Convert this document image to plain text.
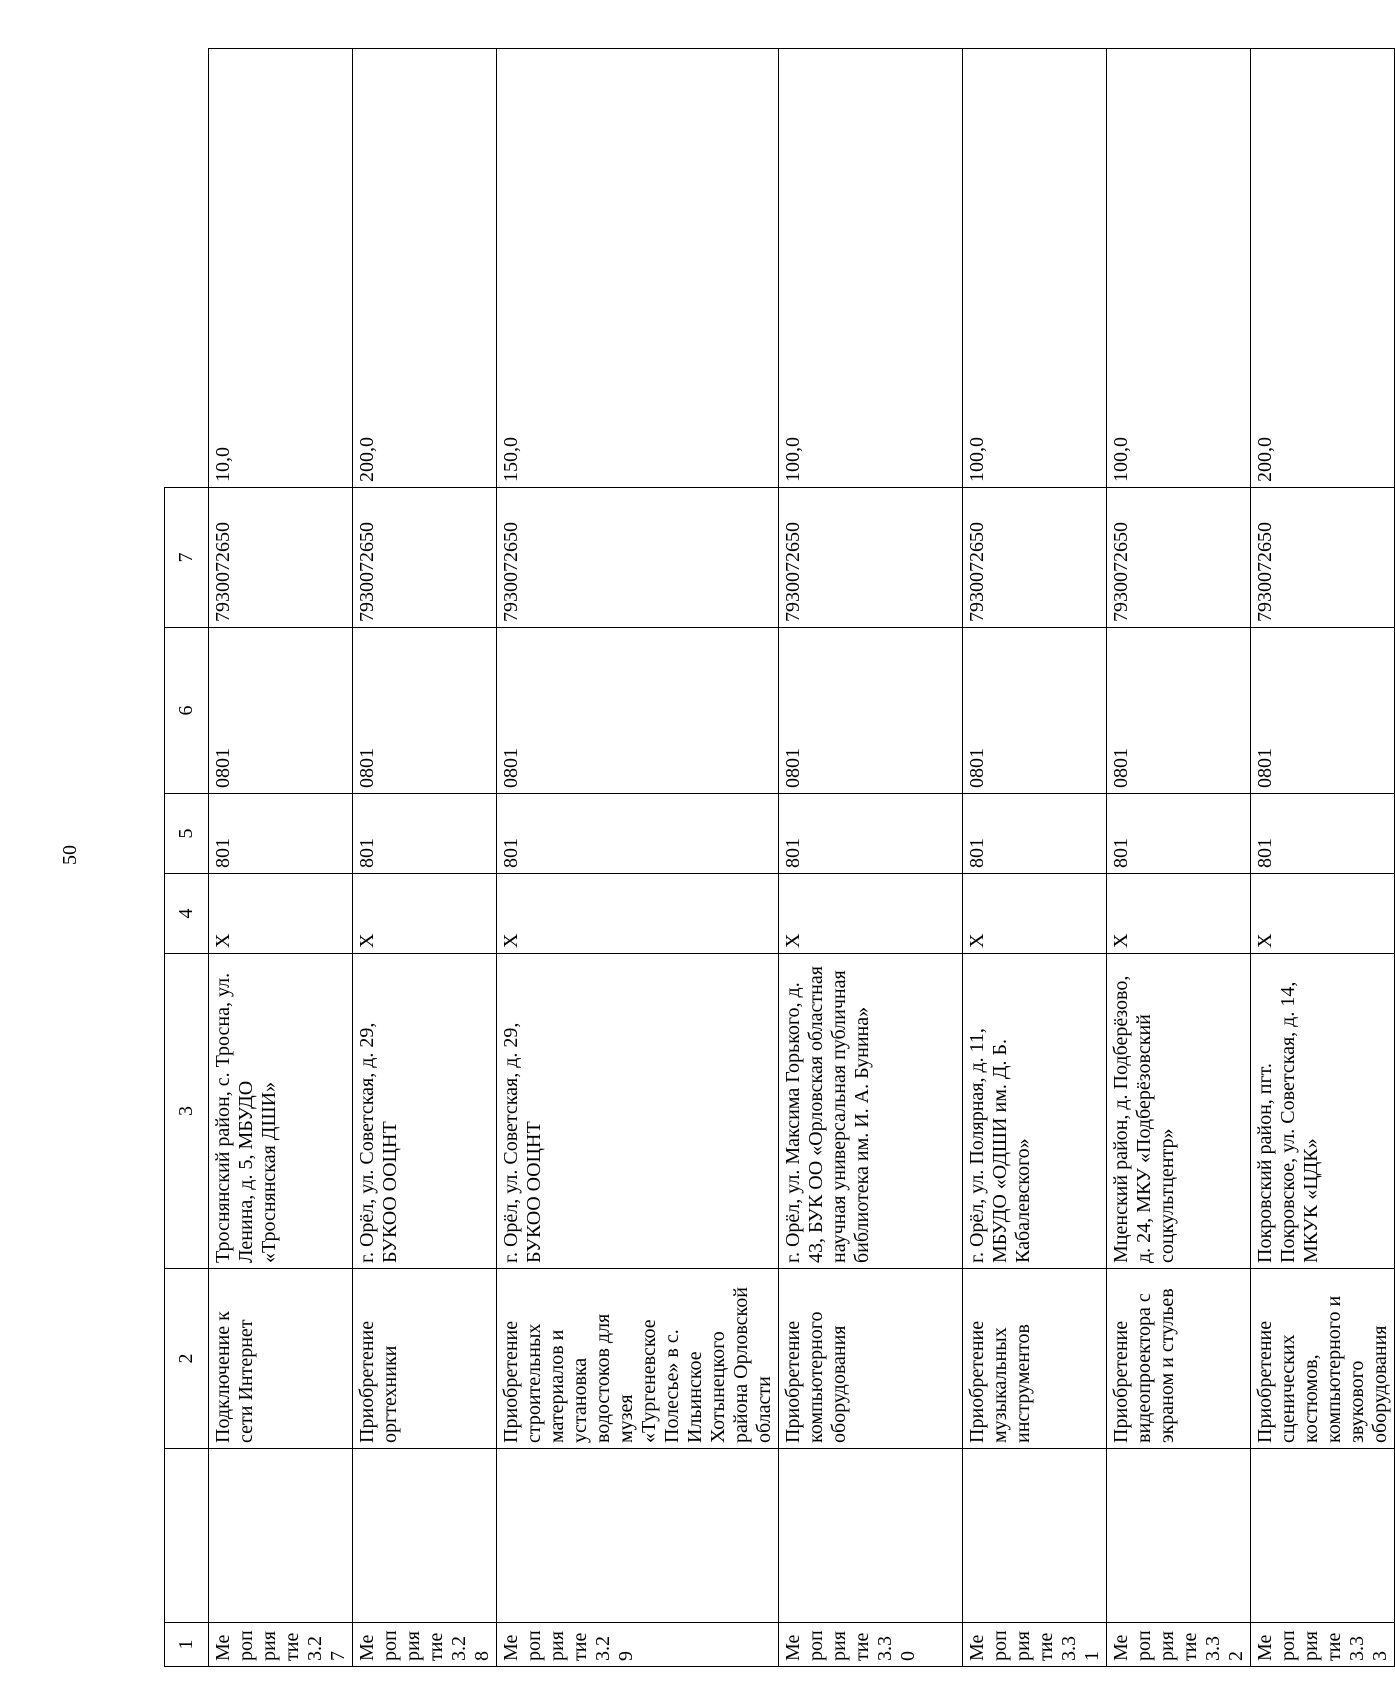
50
1		2	3	4	5	6	7	
Мероприятие 3.27		Подключение к сети Интернет	Троснянский район, с. Тросна, ул. Ленина, д. 5, МБУДО «Троснянская ДШИ»	X	801	0801	7930072650	10,0
Мероприятие 3.28		Приобретение оргтехники	г. Орёл, ул. Советская, д. 29, БУКОО ООЦНТ	X	801	0801	7930072650	200,0
Мероприятие 3.29		Приобретение строительных материалов и установка водостоков для музея «Тургеневское Полесье» в с. Ильинское Хотынецкого района Орловской области	г. Орёл, ул. Советская, д. 29, БУКОО ООЦНТ	X	801	0801	7930072650	150,0
Мероприятие 3.30		Приобретение компьютерного оборудования	г. Орёл, ул. Максима Горького, д. 43, БУК ОО «Орловская областная научная универсальная публичная библиотека им. И. А. Бунина»	X	801	0801	7930072650	100,0
Мероприятие 3.31		Приобретение музыкальных инструментов	г. Орёл, ул. Полярная, д. 11, МБУДО «ОДШИ им. Д. Б. Кабалевского»	X	801	0801	7930072650	100,0
Мероприятие 3.32		Приобретение видеопроектора с экраном и стульев	Мценский район, д. Подберёзово, д. 24, МКУ «Подберёзовский соцкультцентр»	X	801	0801	7930072650	100,0
Мероприятие 3.33		Приобретение сценических костюмов, компьютерного и звукового оборудования	Покровский район, пгт. Покровское, ул. Советская, д. 14, МКУК «ЦДК»	X	801	0801	7930072650	200,0
